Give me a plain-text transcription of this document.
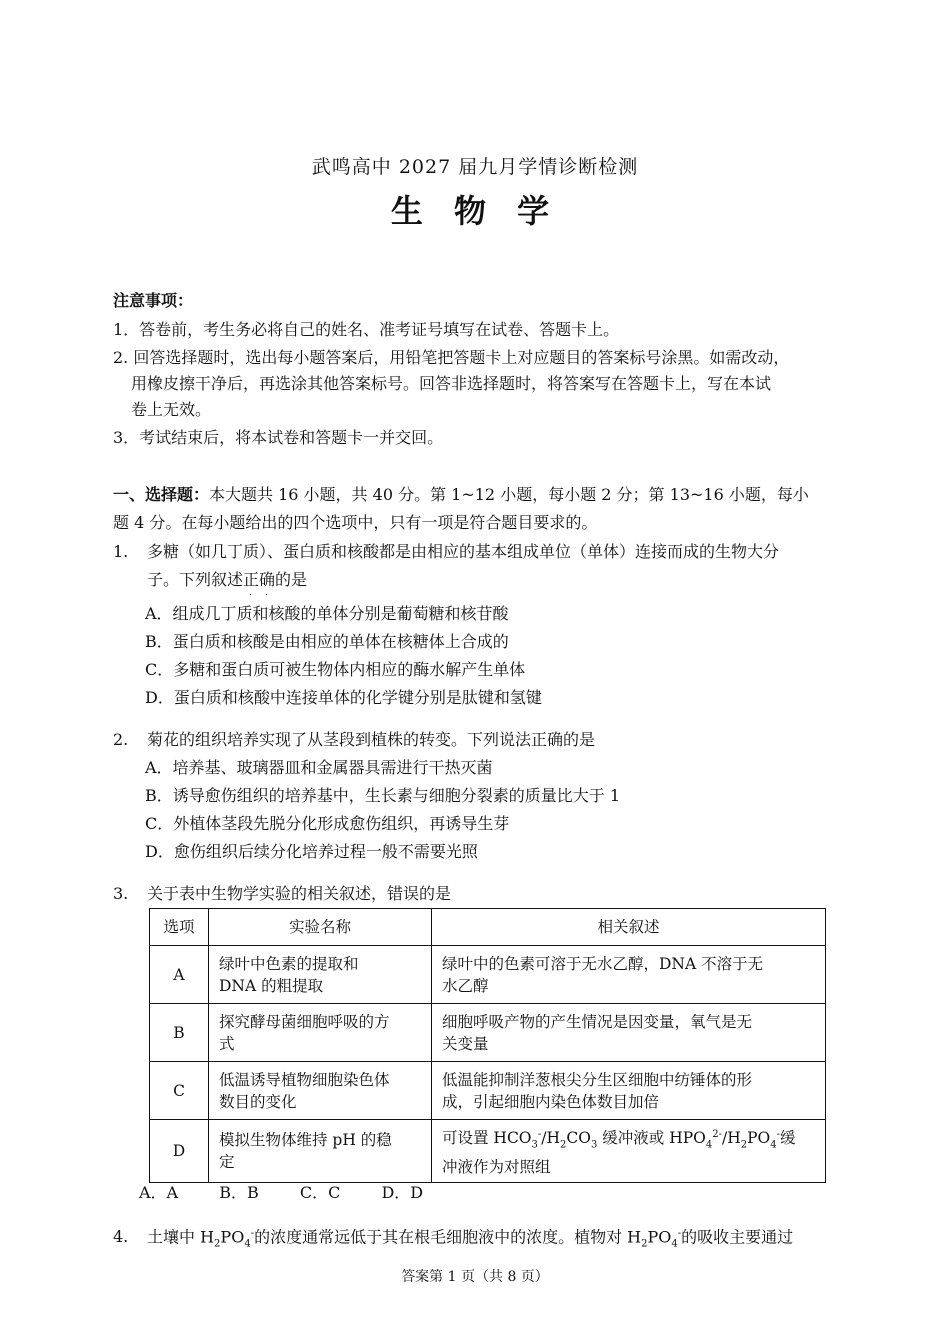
武鸣高中 2027 届九月学情诊断检测
生 物 学
注意事项：
1．答卷前，考生务必将自己的姓名、准考证号填写在试卷、答题卡上。
2. 回答选择题时，选出每小题答案后，用铅笔把答题卡上对应题目的答案标号涂黑。如需改动，
用橡皮擦干净后，再选涂其他答案标号。回答非选择题时，将答案写在答题卡上，写在本试
卷上无效。
3．考试结束后，将本试卷和答题卡一并交回。
一、选择题：本大题共 16 小题，共 40 分。第 1~12 小题，每小题 2 分；第 13~16 小题，每小
题 4 分。在每小题给出的四个选项中，只有一项是符合题目要求的。
1. 多糖（如几丁质）、蛋白质和核酸都是由相应的基本组成单位（单体）连接而成的生物大分
子。下列叙述正确
· ·
的是
A．组成几丁质和核酸的单体分别是葡萄糖和核苷酸
B．蛋白质和核酸是由相应的单体在核糖体上合成的
C．多糖和蛋白质可被生物体内相应的酶水解产生单体
D．蛋白质和核酸中连接单体的化学键分别是肽键和氢键
2. 菊花的组织培养实现了从茎段到植株的转变。下列说法正确的是
A．培养基、玻璃器皿和金属器具需进行干热灭菌
B．诱导愈伤组织的培养基中，生长素与细胞分裂素的质量比大于 1
C．外植体茎段先脱分化形成愈伤组织，再诱导生芽
D．愈伤组织后续分化培养过程一般不需要光照
3. 关于表中生物学实验的相关叙述，错误的是
选项	实验名称	相关叙述
A	绿叶中色素的提取和
DNA 的粗提取	绿叶中的色素可溶于无水乙醇，DNA 不溶于无
水乙醇
B	探究酵母菌细胞呼吸的方
式	细胞呼吸产物的产生情况是因变量，氧气是无
关变量
C	低温诱导植物细胞染色体
数目的变化	低温能抑制洋葱根尖分生区细胞中纺锤体的形
成，引起细胞内染色体数目加倍
D	模拟生物体维持 pH 的稳
定	可设置 $HCO_3^-/H_2CO_3$ 缓冲液或 $HPO_4^{2-}/H_2PO_4^-$缓
冲液作为对照组
A．A	B．B	C．C	D．D
4. 土壤中 $H_2PO_4^-$的浓度通常远低于其在根毛细胞液中的浓度。植物对 $H_2PO_4^-$的吸收主要通过
答案第 1 页（共 8 页）
